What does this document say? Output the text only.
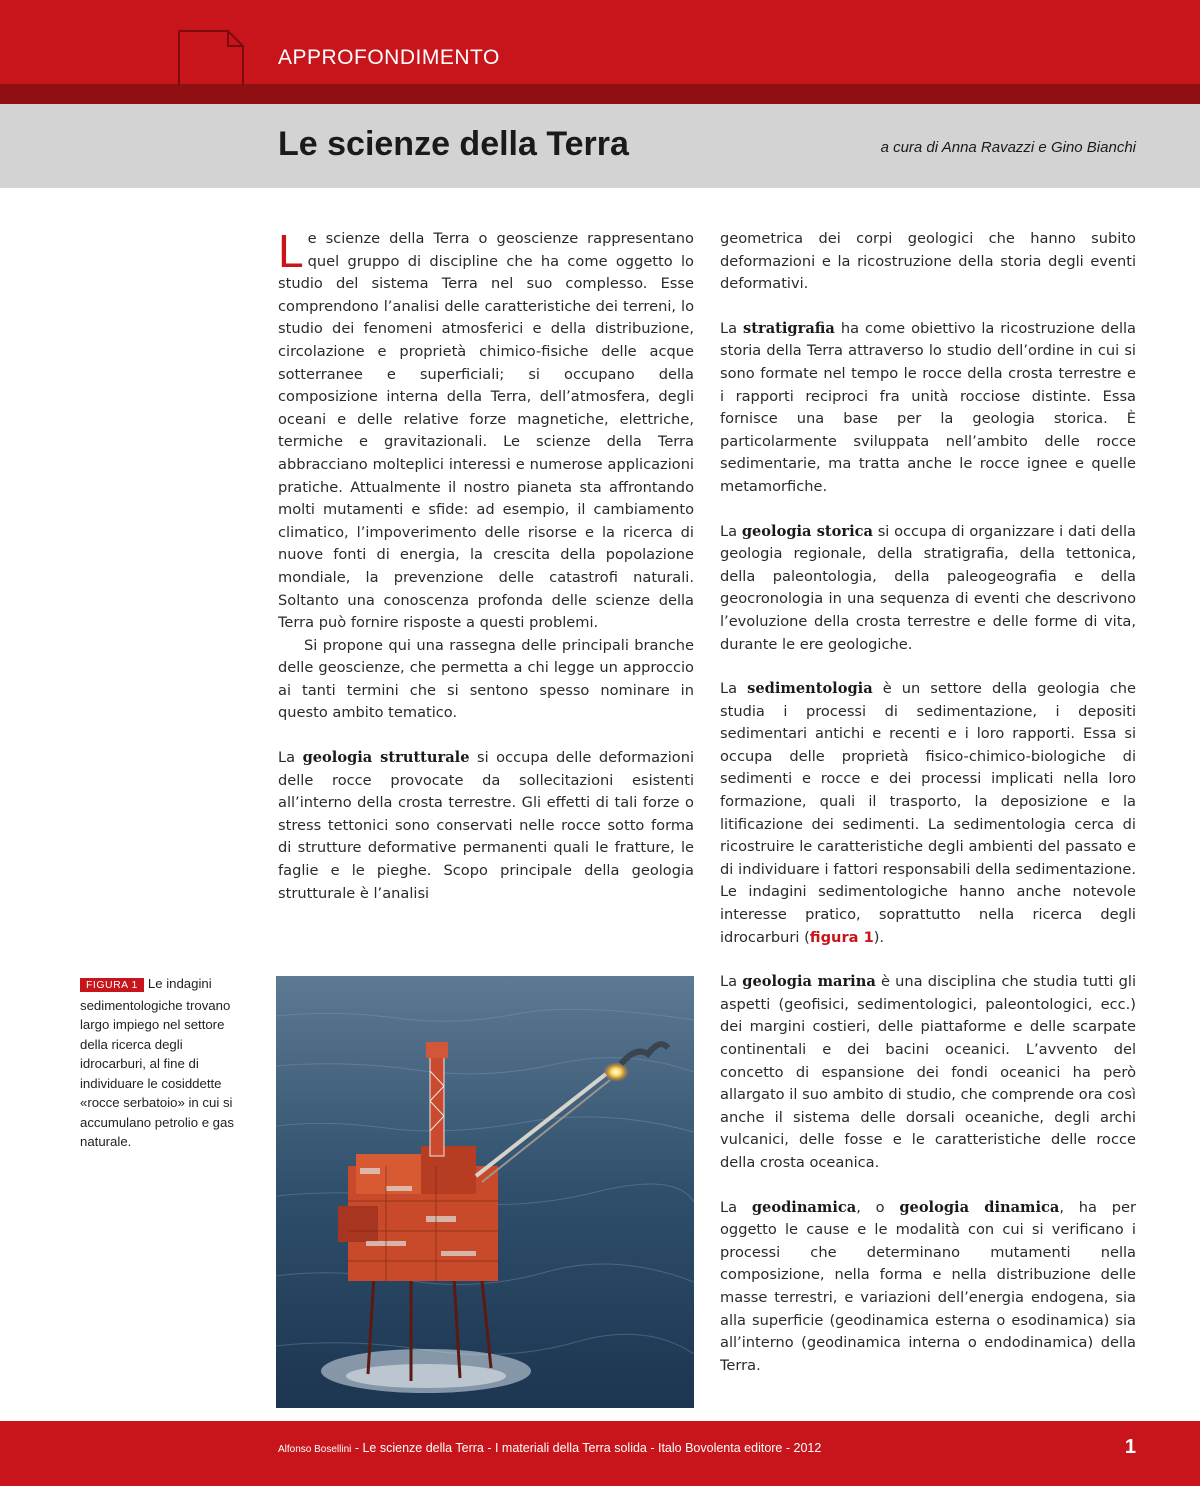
APPROFONDIMENTO
Le scienze della Terra	a cura di Anna Ravazzi e Gino Bianchi

Le scienze della Terra o geoscienze rappresentano quel gruppo di discipline che ha come oggetto lo studio del sistema Terra nel suo complesso. Esse comprendono l’analisi delle caratteristiche dei terreni, lo studio dei fenomeni atmosferici e della distribuzione, circolazione e proprietà chimico-fisiche delle acque sotterranee e superficiali; si occupano della composizione interna della Terra, dell’atmosfera, degli oceani e delle relative forze magnetiche, elettriche, termiche e gravitazionali. Le scienze della Terra abbracciano molteplici interessi e numerose applicazioni pratiche. Attualmente il nostro pianeta sta affrontando molti mutamenti e sfide: ad esempio, il cambiamento climatico, l’impoverimento delle risorse e la ricerca di nuove fonti di energia, la crescita della popolazione mondiale, la prevenzione delle catastrofi naturali. Soltanto una conoscenza profonda delle scienze della Terra può fornire risposte a questi problemi.

Si propone qui una rassegna delle principali branche delle geoscienze, che permetta a chi legge un approccio ai tanti termini che si sentono spesso nominare in questo ambito tematico.

La geologia strutturale si occupa delle deformazioni delle rocce provocate da sollecitazioni esistenti all’interno della crosta terrestre. Gli effetti di tali forze o stress tettonici sono conservati nelle rocce sotto forma di strutture deformative permanenti quali le fratture, le faglie e le pieghe. Scopo principale della geologia strutturale è l’analisi

geometrica dei corpi geologici che hanno subito deformazioni e la ricostruzione della storia degli eventi deformativi.

La stratigrafia ha come obiettivo la ricostruzione della storia della Terra attraverso lo studio dell’ordine in cui si sono formate nel tempo le rocce della crosta terrestre e i rapporti reciproci fra unità rocciose distinte. Essa fornisce una base per la geologia storica. È particolarmente sviluppata nell’ambito delle rocce sedimentarie, ma tratta anche le rocce ignee e quelle metamorfiche.

La geologia storica si occupa di organizzare i dati della geologia regionale, della stratigrafia, della tettonica, della paleontologia, della paleogeografia e della geocronologia in una sequenza di eventi che descrivono l’evoluzione della crosta terrestre e delle forme di vita, durante le ere geologiche.

La sedimentologia è un settore della geologia che studia i processi di sedimentazione, i depositi sedimentari antichi e recenti e i loro rapporti. Essa si occupa delle proprietà fisico-chimico-biologiche di sedimenti e rocce e dei processi implicati nella loro formazione, quali il trasporto, la deposizione e la litificazione dei sedimenti. La sedimentologia cerca di ricostruire le caratteristiche degli ambienti del passato e di individuare i fattori responsabili della sedimentazione. Le indagini sedimentologiche hanno anche notevole interesse pratico, soprattutto nella ricerca degli idrocarburi (figura 1).

La geologia marina è una disciplina che studia tutti gli aspetti (geofisici, sedimentologici, paleontologici, ecc.) dei margini costieri, delle piattaforme e delle scarpate continentali e dei bacini oceanici. L’avvento del concetto di espansione dei fondi oceanici ha però allargato il suo ambito di studio, che comprende ora così anche il sistema delle dorsali oceaniche, degli archi vulcanici, delle fosse e le caratteristiche delle rocce della crosta oceanica.

La geodinamica, o geologia dinamica, ha per oggetto le cause e le modalità con cui si verificano i processi che determinano mutamenti nella composizione, nella forma e nella distribuzione delle masse terrestri, e variazioni dell’energia endogena, sia alla superficie (geodinamica esterna o esodinamica) sia all’interno (geodinamica interna o endodinamica) della Terra.

FIGURA 1 Le indagini sedimentologiche trovano largo impiego nel settore della ricerca degli idrocarburi, al fine di individuare le cosiddette «rocce serbatoio» in cui si accumulano petrolio e gas naturale.
Alfonso Bosellini - Le scienze della Terra - I materiali della Terra solida - Italo Bovolenta editore - 2012	1
